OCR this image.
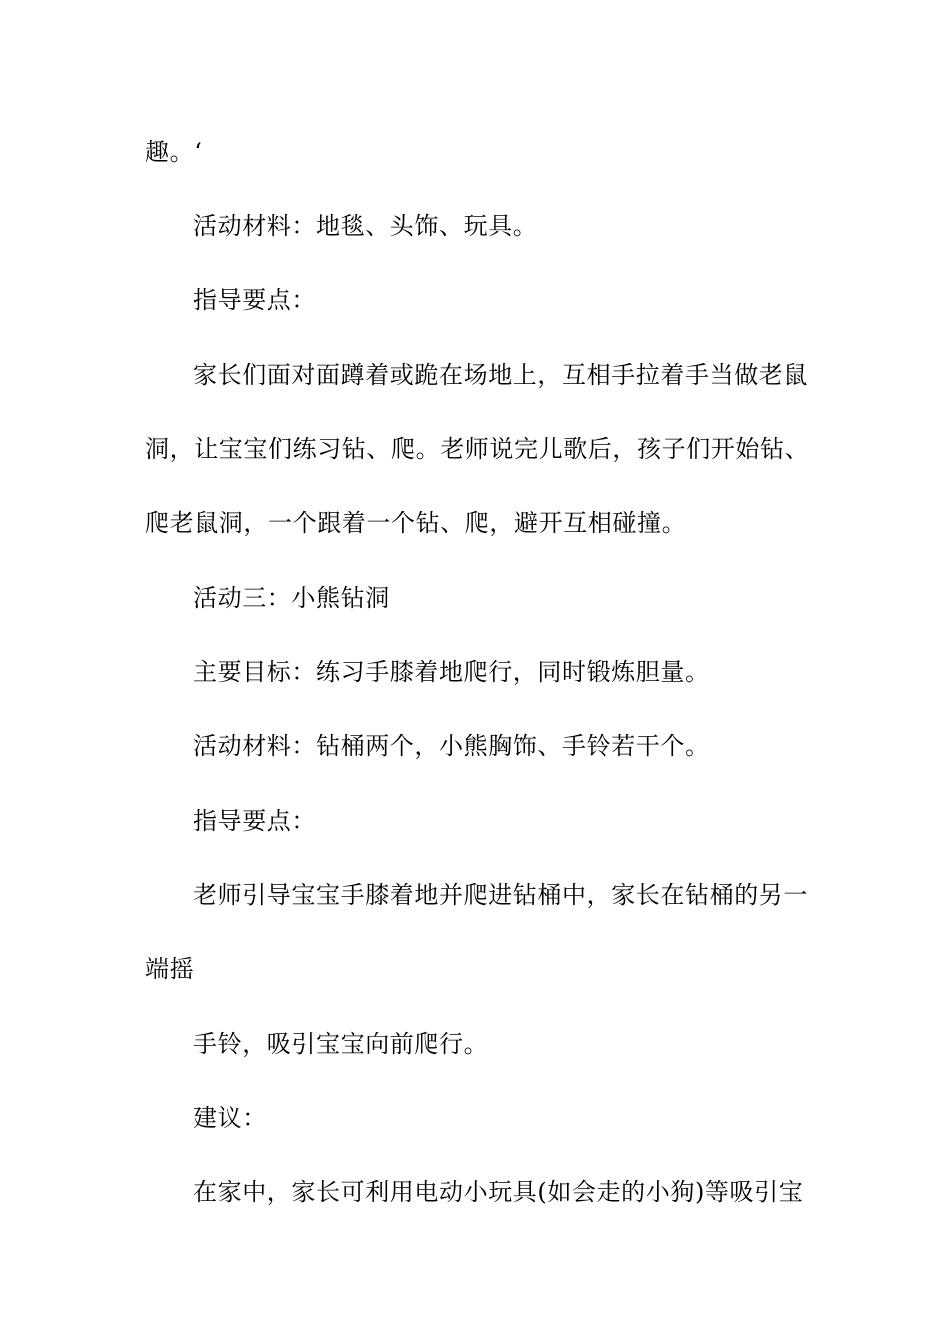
趣。‘
活动材料：地毯、头饰、玩具。
指导要点：
家长们面对面蹲着或跪在场地上，互相手拉着手当做老鼠
洞，让宝宝们练习钻、爬。老师说完儿歌后，孩子们开始钻、
爬老鼠洞，一个跟着一个钻、爬，避开互相碰撞。
活动三：小熊钻洞
主要目标：练习手膝着地爬行，同时锻炼胆量。
活动材料：钻桶两个，小熊胸饰、手铃若干个。
指导要点：
老师引导宝宝手膝着地并爬进钻桶中，家长在钻桶的另一
端摇
手铃，吸引宝宝向前爬行。
建议：
在家中，家长可利用电动小玩具(如会走的小狗)等吸引宝
